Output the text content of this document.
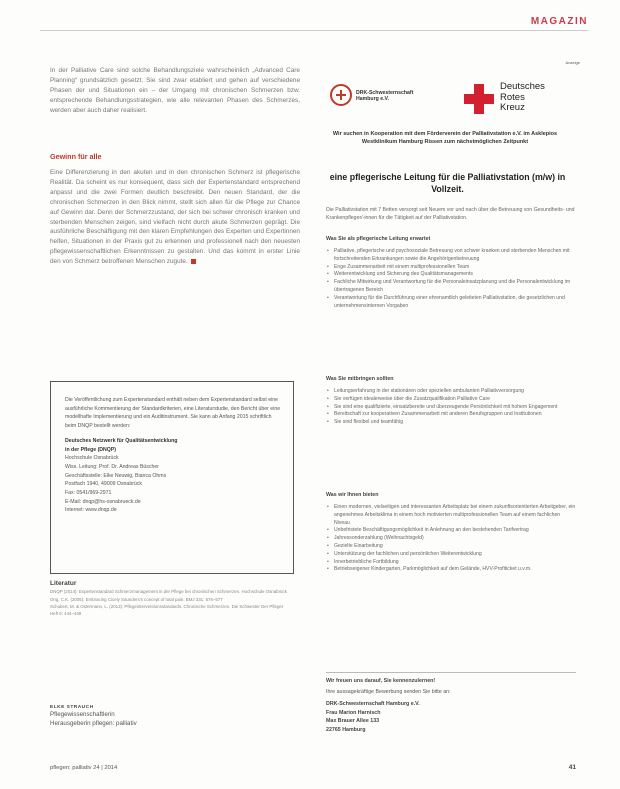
MAGAZIN
Anzeige
In der Palliative Care sind solche Behandlungsziele wahrscheinlich „Advanced Care Planning“ grundsätzlich gesetzt. Sie sind zwar etabliert und gehen auf verschiedene Phasen der und Situationen ein – der Umgang mit chronischen Schmerzen bzw. entsprechende Behandlungsstrategien, wie alle relevanten Phasen des Schmerzes, werden aber auch daher realisiert.
Gewinn für alle
Eine Differenzierung in den akuten und in den chronischen Schmerz ist pflegerische Realität. Da scheint es nur konsequent, dass sich der Expertenstandard entsprechend anpasst und die zwei Formen deutlich beschreibt. Den neuen Standard, der die chronischen Schmerzen in den Blick nimmt, stellt sich allen für die Pflege zur Chance auf Gewinn dar. Denn der Schmerzzustand, der sich bei schwer chronisch kranken und sterbenden Menschen zeigen, sind vielfach nicht durch akute Schmerzen geprägt. Die ausführliche Beschäftigung mit den klaren Empfehlungen des Experten und Expertinnen helfen, Situationen in der Praxis gut zu erkennen und professionell nach den neuesten pflegewissenschaftlichen Erkenntnissen zu gestalten. Und das kommt in erster Linie den von Schmerz betroffenen Menschen zugute.
Die Veröffentlichung zum Expertenstandard enthält neben dem Expertenstandard selbst eine ausführliche Kommentierung der Standardkriterien, eine Literaturstudie, den Bericht über eine modellhafte Implementierung und ein Auditinstrument. Sie kann ab Anfang 2015 schriftlich beim DNQP bestellt werden:
Deutsches Netzwerk für Qualitätsentwicklung
in der Pflege (DNQP)
Hochschule Osnabrück
Wiss. Leitung: Prof. Dr. Andreas Büscher
Geschäftsstelle: Elke Neuwig, Bianca Ohms
Postfach 1940, 49009 Osnabrück
Fax: 0541/969-2971
E-Mail: dnqp@hs-osnabrueck.de
Internet: www.dnqp.de
Literatur
DNQP (2014): Expertenstandard Schmerzmanagement in der Pflege bei chronischen Schmerzen. Hochschule Osnabrück
Ong, C.K. (2005): Embracing Cicely Saunders's concept of total pain. BMJ 331: 576–577
Schubert, M. & Ostermann, L. (2013): Pflegeinterventionsstandards. Chronische Schmerzen. Die Schwester Der Pfleger Heft 5: 444–448
ELKE STRAUCH
Pflegewissenschaftlerin
Herausgeberin pflegen: palliativ
pflegen: palliativ 24 | 2014	41
DRK-Schwesternschaft
Hamburg e.V.
Deutsches
Rotes
Kreuz
Wir suchen in Kooperation mit dem Förderverein der Palliativstation e.V. im Asklepios Westklinikum Hamburg Rissen zum nächstmöglichen Zeitpunkt
eine pflegerische Leitung für die Palliativstation (m/w) in Vollzeit.
Die Palliativstation mit 7 Betten versorgt seit Neuem vor und nach über die Betreuung von Gesundheits- und Krankenpfleger/-innen für die Tätigkeit auf der Palliativstation.
Was Sie als pflegerische Leitung erwartet
• Palliative, pflegerische und psychosoziale Betreuung von schwer kranken und sterbenden Menschen mit fortschreitenden Erkrankungen sowie die Angehörigenbetreuung
• Enge Zusammenarbeit mit einem multiprofessionellen Team
• Weiterentwicklung und Sicherung des Qualitätsmanagements
• Fachliche Mitwirkung und Verantwortung für die Personaleinsatzplanung und die Personalentwicklung im übertragenen Bereich
• Verantwortung für die Durchführung einer ehrenamtlich geleiteten Palliativstation, die gesetzlichen und unternehmensinternen Vorgaben
Was Sie mitbringen sollten
• Leitungserfahrung in der stationären oder speziellen ambulanten Palliativversorgung
• Sie verfügen idealerweise über die Zusatzqualifikation Palliative Care
• Sie sind eine qualifizierte, einsatzbereite und überzeugende Persönlichkeit mit hohem Engagement
• Bereitschaft zur kooperativen Zusammenarbeit mit anderen Berufsgruppen und Institutionen
• Sie sind flexibel und teamfähig
Was wir Ihnen bieten
• Einen modernen, vielseitigen und interessanten Arbeitsplatz bei einem zukunftsorientierten Arbeitgeber, ein angenehmes Arbeitsklima in einem hoch motivierten multiprofessionellen Team auf einem fachlichen Niveau
• Unbefristete Beschäftigungsmöglichkeit in Anlehnung an den bestehenden Tarifvertrag
• Jahressonderzahlung (Weihnachtsgeld)
• Gezielte Einarbeitung
• Unterstützung der fachlichen und persönlichen Weiterentwicklung
• Innerbetriebliche Fortbildung
• Betriebseigener Kindergarten, Parkmöglichkeit auf dem Gelände, HVV-Profiticket u.v.m.
Wir freuen uns darauf, Sie kennenzulernen!
Ihre aussagekräftige Bewerbung senden Sie bitte an:
DRK-Schwesternschaft Hamburg e.V.
Frau Marion Harnisch
Max Brauer Allee 133
22765 Hamburg
